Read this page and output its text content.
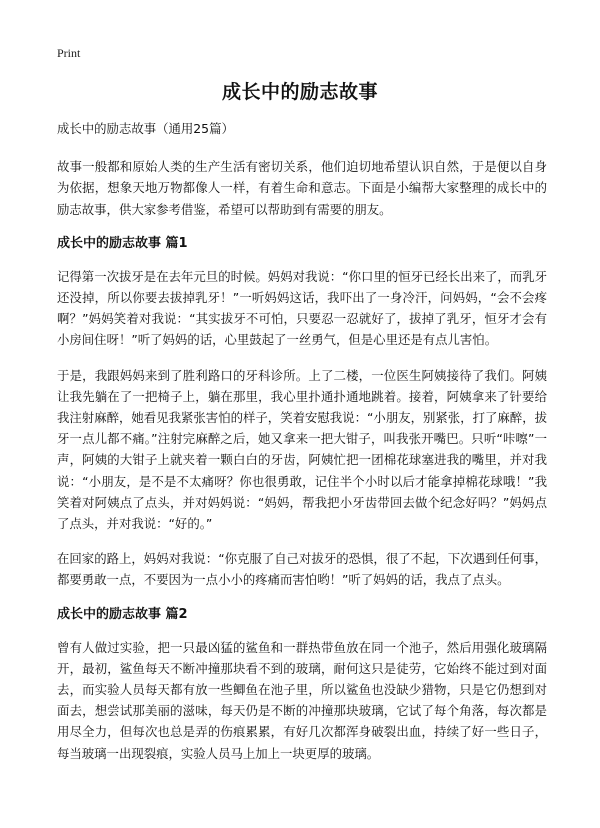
Print
成长中的励志故事

成长中的励志故事（通用25篇）

故事一般都和原始人类的生产生活有密切关系，他们迫切地希望认识自然，于是便以自身为依据，想象天地万物都像人一样，有着生命和意志。下面是小编帮大家整理的成长中的励志故事，供大家参考借鉴，希望可以帮助到有需要的朋友。

成长中的励志故事 篇1

记得第一次拔牙是在去年元旦的时候。妈妈对我说：“你口里的恒牙已经长出来了，而乳牙还没掉，所以你要去拔掉乳牙！”一听妈妈这话，我吓出了一身冷汗，问妈妈，“会不会疼啊？”妈妈笑着对我说：“其实拔牙不可怕，只要忍一忍就好了，拔掉了乳牙，恒牙才会有小房间住呀！”听了妈妈的话，心里鼓起了一丝勇气，但是心里还是有点儿害怕。

于是，我跟妈妈来到了胜利路口的牙科诊所。上了二楼，一位医生阿姨接待了我们。阿姨让我先躺在了一把椅子上，躺在那里，我心里扑通扑通地跳着。接着，阿姨拿来了针要给我注射麻醉，她看见我紧张害怕的样子，笑着安慰我说：“小朋友，别紧张，打了麻醉，拔牙一点儿都不痛。”注射完麻醉之后，她又拿来一把大钳子，叫我张开嘴巴。只听“咔嚓”一声，阿姨的大钳子上就夹着一颗白白的牙齿，阿姨忙把一团棉花球塞进我的嘴里，并对我说：“小朋友，是不是不太痛呀？你也很勇敢，记住半个小时以后才能拿掉棉花球哦！”我笑着对阿姨点了点头，并对妈妈说：“妈妈，帮我把小牙齿带回去做个纪念好吗？”妈妈点了点头，并对我说：“好的。”

在回家的路上，妈妈对我说：“你克服了自己对拔牙的恐惧，很了不起，下次遇到任何事，都要勇敢一点，不要因为一点小小的疼痛而害怕哟！”听了妈妈的话，我点了点头。

成长中的励志故事 篇2

曾有人做过实验，把一只最凶猛的鲨鱼和一群热带鱼放在同一个池子，然后用强化玻璃隔开，最初，鲨鱼每天不断冲撞那块看不到的玻璃，耐何这只是徒劳，它始终不能过到对面去，而实验人员每天都有放一些鲫鱼在池子里，所以鲨鱼也没缺少猎物，只是它仍想到对面去，想尝试那美丽的滋味，每天仍是不断的冲撞那块玻璃，它试了每个角落，每次都是用尽全力，但每次也总是弄的伤痕累累，有好几次都浑身破裂出血，持续了好一些日子，每当玻璃一出现裂痕，实验人员马上加上一块更厚的玻璃。
